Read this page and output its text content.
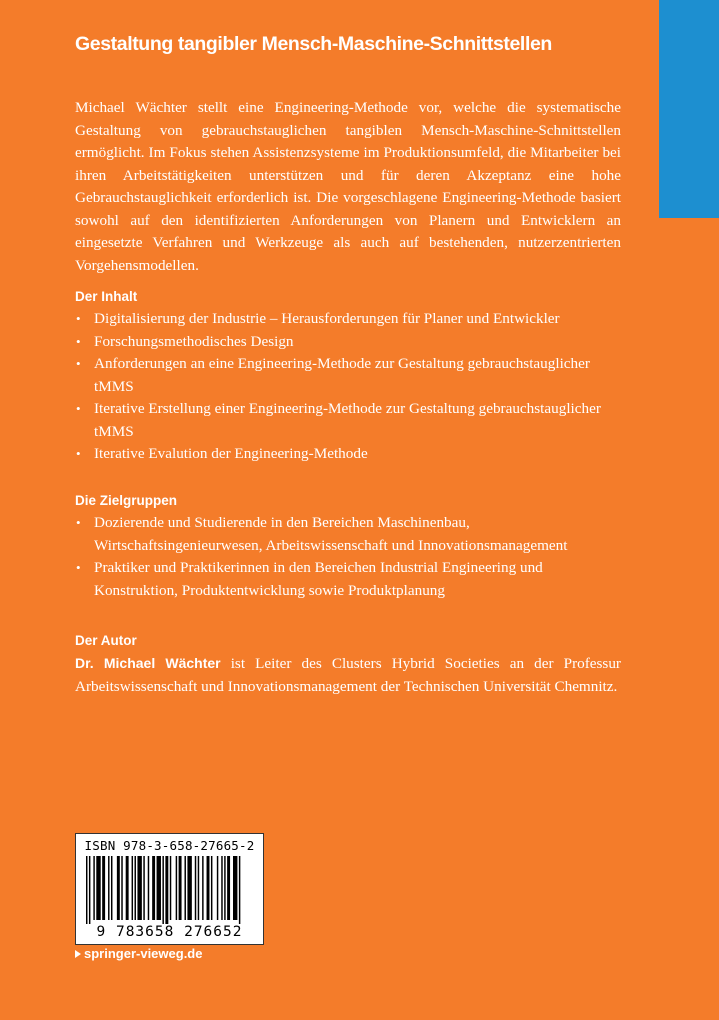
Gestaltung tangibler Mensch-Maschine-Schnittstellen

Michael Wächter stellt eine Engineering-Methode vor, welche die systematische Gestaltung von gebrauchstauglichen tangiblen Mensch-Maschine-Schnittstellen ermöglicht. Im Fokus stehen Assistenzsysteme im Produktionsumfeld, die Mitarbeiter bei ihren Arbeitstätigkeiten unterstützen und für deren Akzeptanz eine hohe Gebrauchstauglichkeit erforderlich ist. Die vorgeschlagene Engineering-Methode basiert sowohl auf den identifizierten Anforderungen von Planern und Entwicklern an eingesetzte Verfahren und Werkzeuge als auch auf bestehenden, nutzerzentrierten Vorgehensmodellen.

Der Inhalt
• Digitalisierung der Industrie – Herausforderungen für Planer und Entwickler
• Forschungsmethodisches Design
• Anforderungen an eine Engineering-Methode zur Gestaltung gebrauchstauglicher tMMS
• Iterative Erstellung einer Engineering-Methode zur Gestaltung gebrauchstauglicher tMMS
• Iterative Evalution der Engineering-Methode
Die Zielgruppen
• Dozierende und Studierende in den Bereichen Maschinenbau, Wirtschaftsingenieurwesen, Arbeitswissenschaft und Innovationsmanagement
• Praktiker und Praktikerinnen in den Bereichen Industrial Engineering und Konstruktion, Produktentwicklung sowie Produktplanung
Der Autor

Dr. Michael Wächter ist Leiter des Clusters Hybrid Societies an der Professur Arbeitswissenschaft und Innovationsmanagement der Technischen Universität Chemnitz.

ISBN 978-3-658-27665-2
9 783658 276652
springer-vieweg.de
